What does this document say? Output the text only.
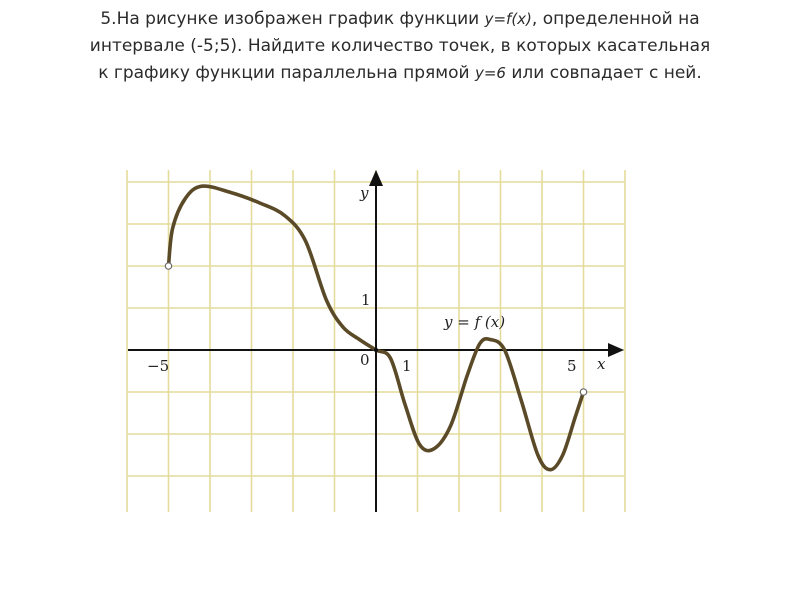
5.На рисунке изображен график функции y=f(x), определенной на
интервале (-5;5). Найдите количество точек, в которых касательная
к графику функции параллельна прямой y=6 или совпадает с ней.

−5	0 1	5
1
x
y
y = f (x)
